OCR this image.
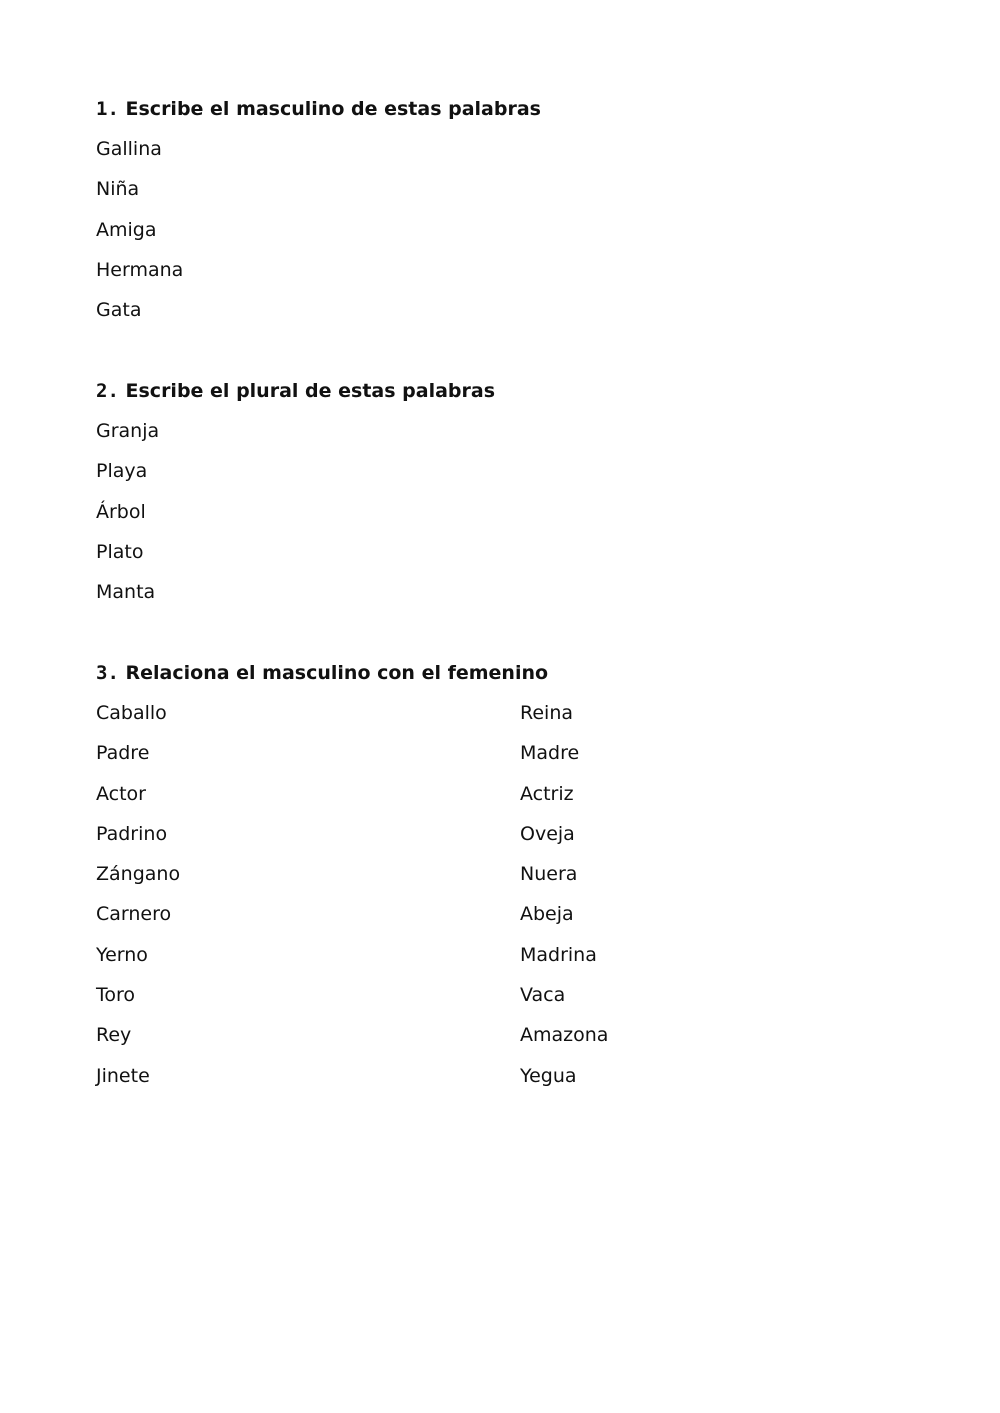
1. Escribe el masculino de estas palabras
Gallina
Niña
Amiga
Hermana
Gata
2. Escribe el plural de estas palabras
Granja
Playa
Árbol
Plato
Manta
3. Relaciona el masculino con el femenino
Caballo
Padre
Actor
Padrino
Zángano
Carnero
Yerno
Toro
Rey
Jinete
Reina
Madre
Actriz
Oveja
Nuera
Abeja
Madrina
Vaca
Amazona
Yegua
